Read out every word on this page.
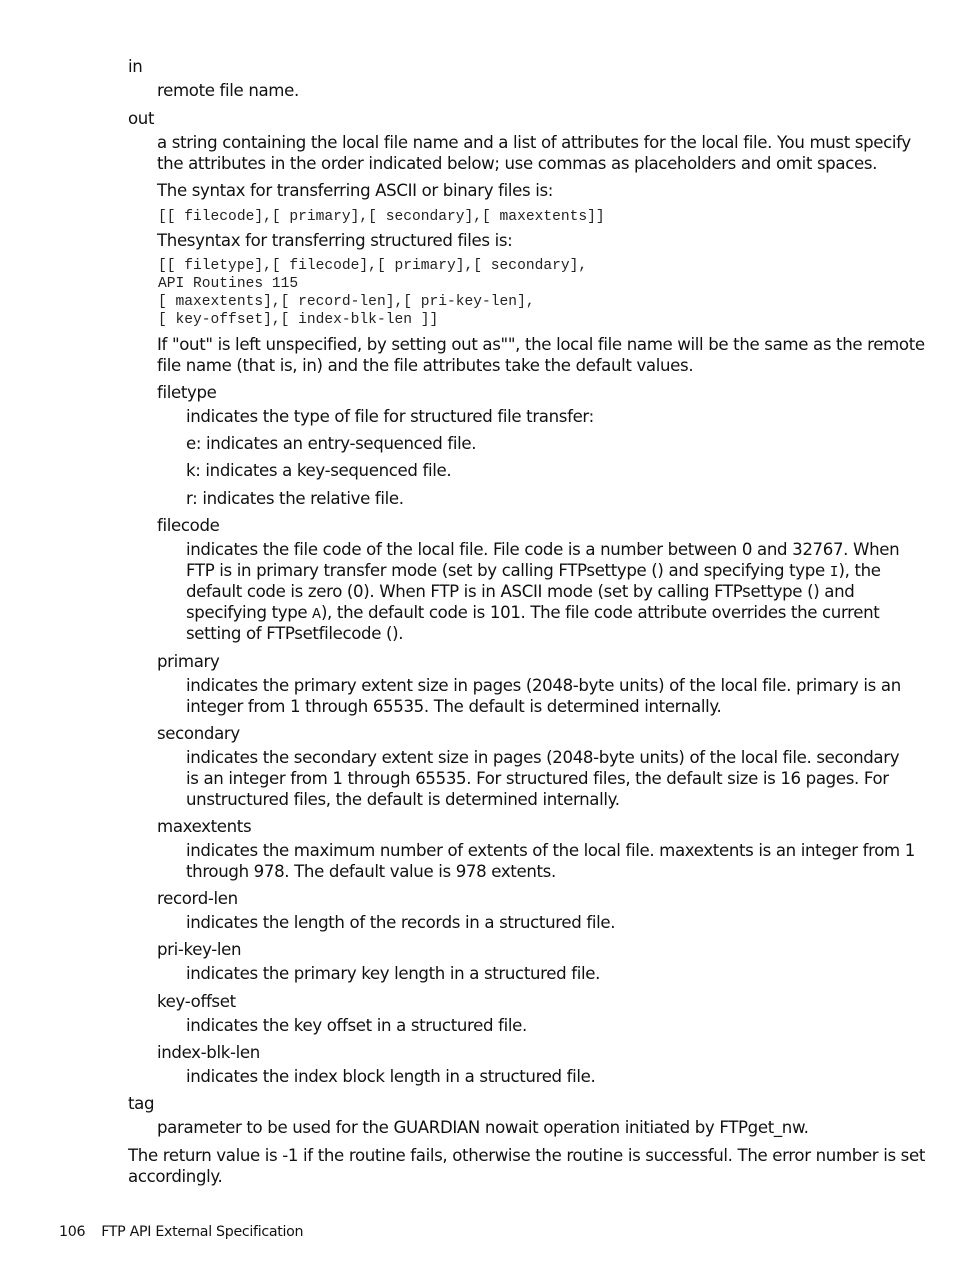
in
remote file name.
out
a string containing the local file name and a list of attributes for the local file. You must specify
the attributes in the order indicated below; use commas as placeholders and omit spaces.
The syntax for transferring ASCII or binary files is:
[[ filecode],[ primary],[ secondary],[ maxextents]]
Thesyntax for transferring structured files is:
[[ filetype],[ filecode],[ primary],[ secondary],
API Routines 115
[ maxextents],[ record-len],[ pri-key-len],
[ key-offset],[ index-blk-len ]]
If "out" is left unspecified, by setting out as"", the local file name will be the same as the remote
file name (that is, in) and the file attributes take the default values.
filetype
indicates the type of file for structured file transfer:
e: indicates an entry-sequenced file.
k: indicates a key-sequenced file.
r: indicates the relative file.
filecode
indicates the file code of the local file. File code is a number between 0 and 32767. When
FTP is in primary transfer mode (set by calling FTPsettype () and specifying type I), the
default code is zero (0). When FTP is in ASCII mode (set by calling FTPsettype () and
specifying type A), the default code is 101. The file code attribute overrides the current
setting of FTPsetfilecode ().
primary
indicates the primary extent size in pages (2048-byte units) of the local file. primary is an
integer from 1 through 65535. The default is determined internally.
secondary
indicates the secondary extent size in pages (2048-byte units) of the local file. secondary
is an integer from 1 through 65535. For structured files, the default size is 16 pages. For
unstructured files, the default is determined internally.
maxextents
indicates the maximum number of extents of the local file. maxextents is an integer from 1
through 978. The default value is 978 extents.
record-len
indicates the length of the records in a structured file.
pri-key-len
indicates the primary key length in a structured file.
key-offset
indicates the key offset in a structured file.
index-blk-len
indicates the index block length in a structured file.
tag
parameter to be used for the GUARDIAN nowait operation initiated by FTPget_nw.
The return value is -1 if the routine fails, otherwise the routine is successful. The error number is set
accordingly.
106 FTP API External Specification
